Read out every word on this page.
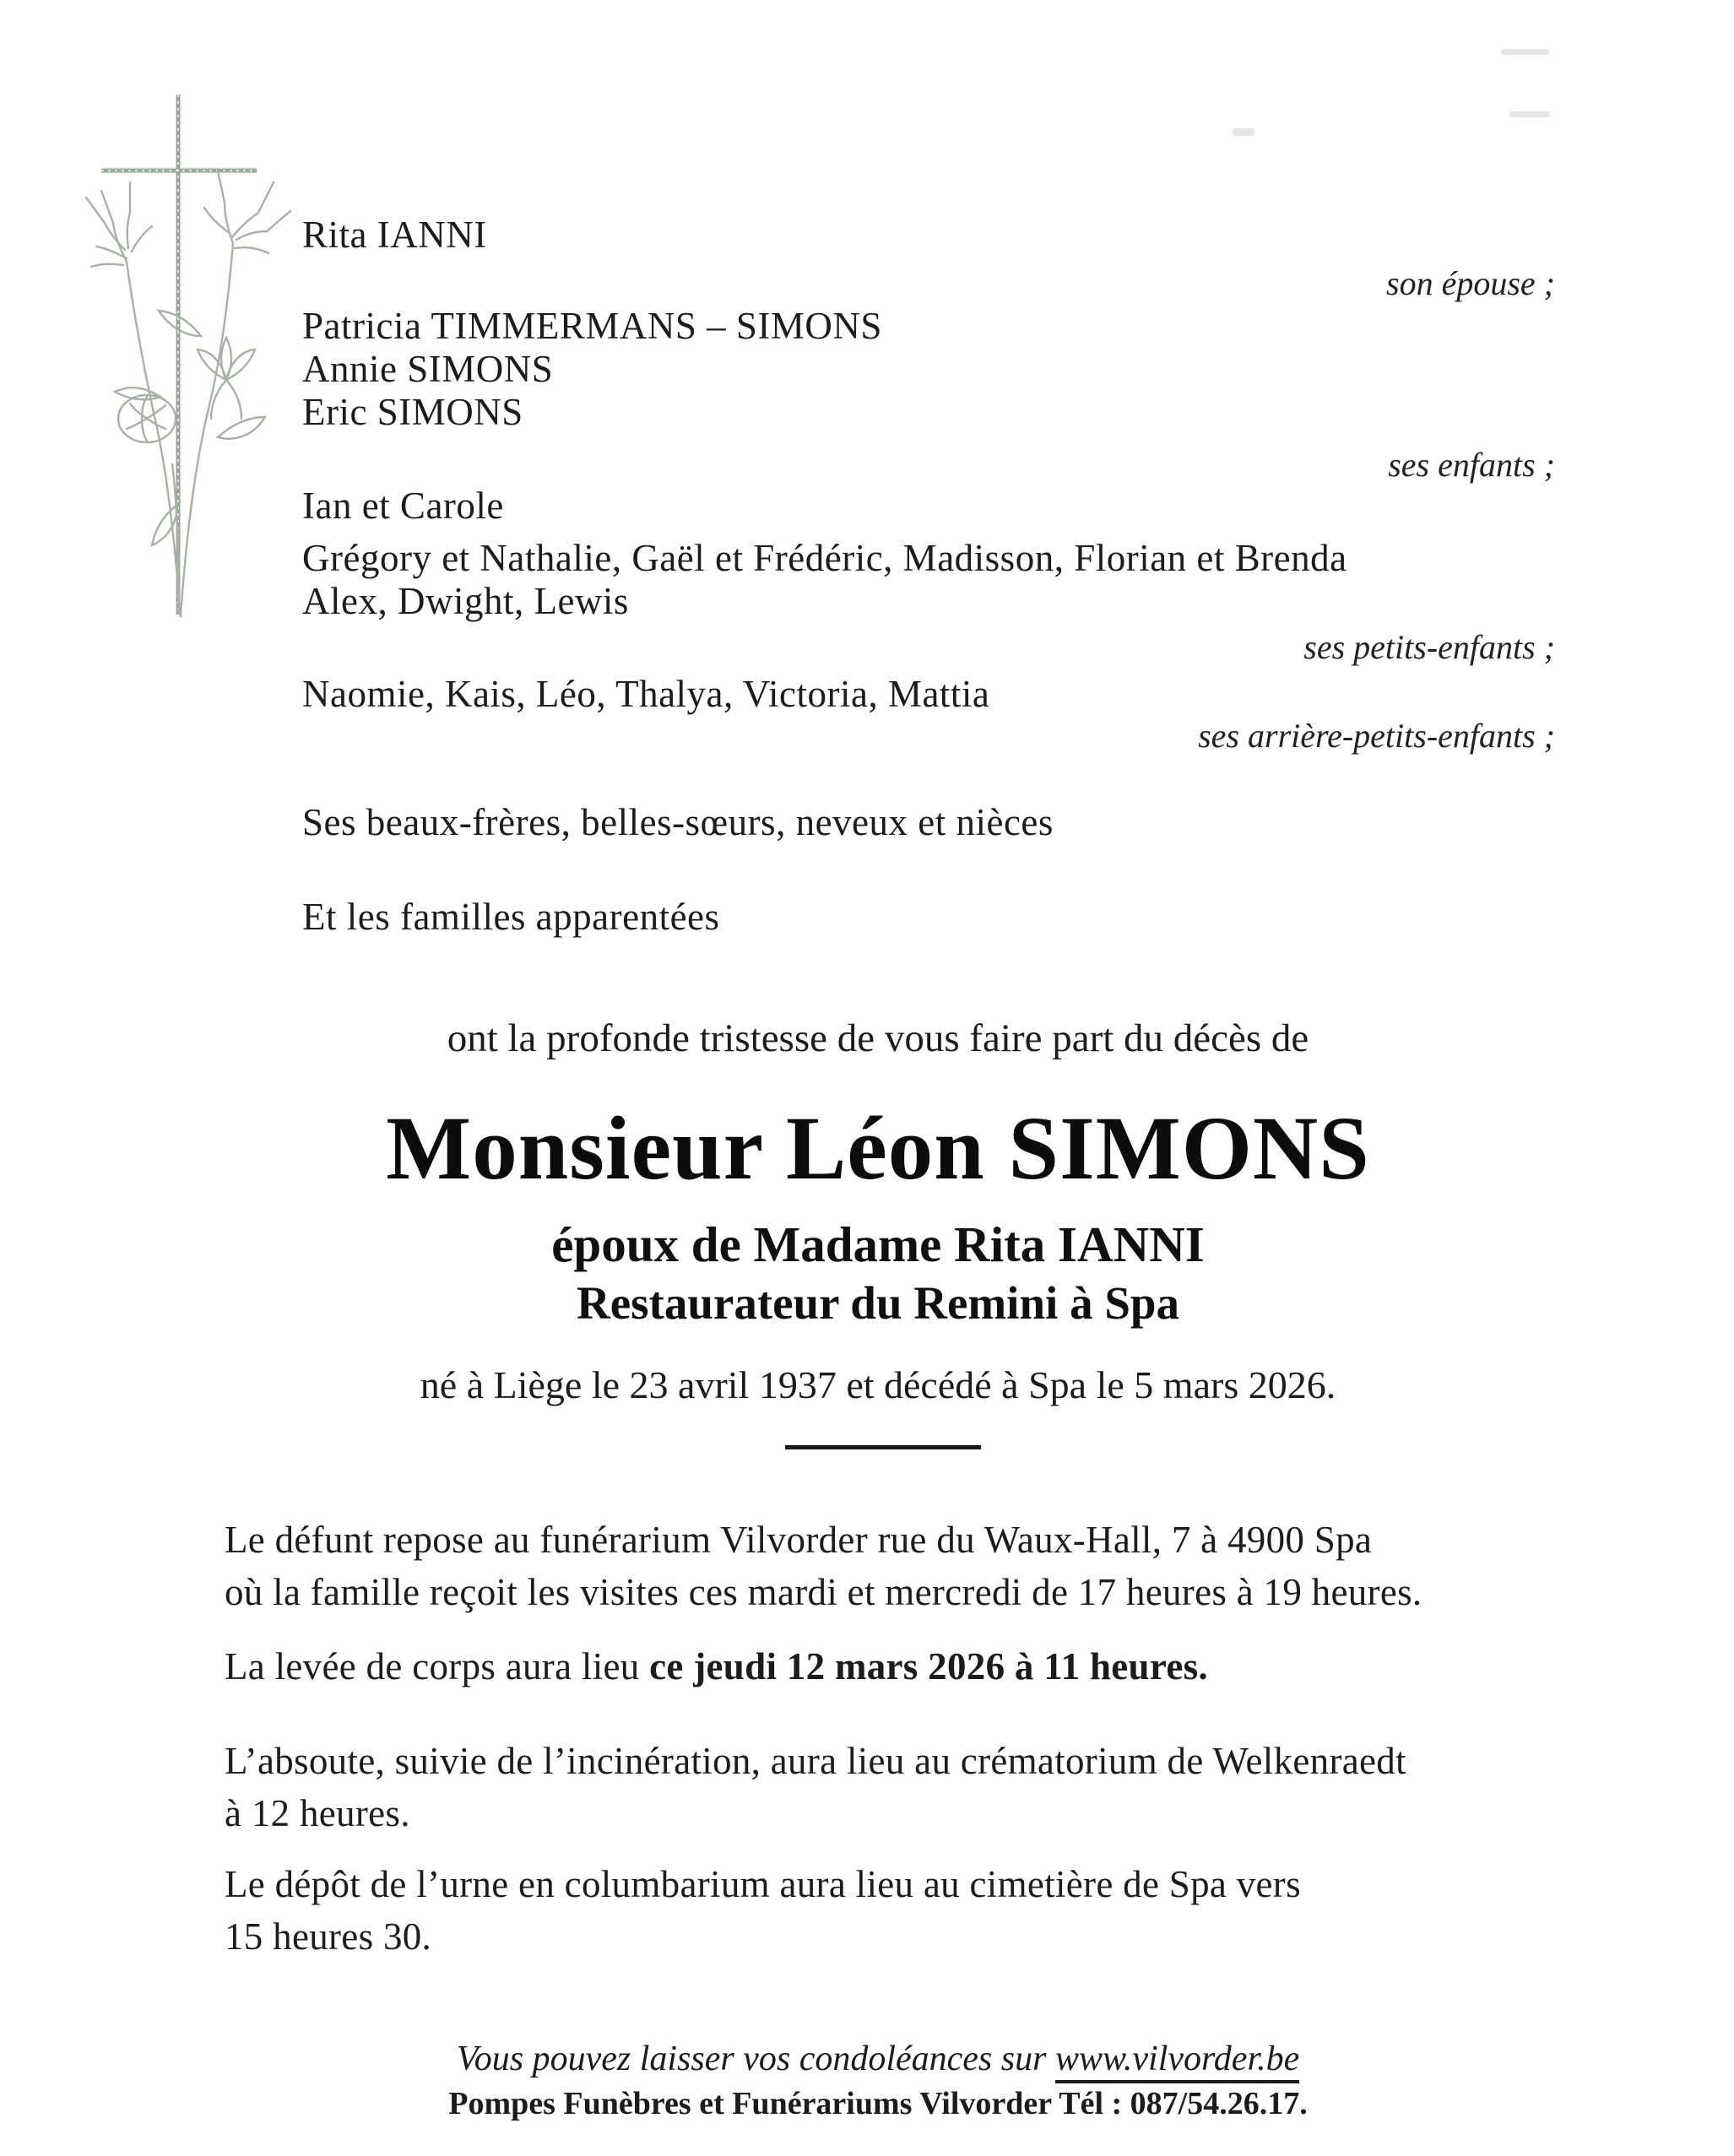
Rita IANNI
son épouse ;
Patricia TIMMERMANS – SIMONS
Annie SIMONS
Eric SIMONS
ses enfants ;
Ian et Carole
Grégory et Nathalie, Gaël et Frédéric, Madisson, Florian et Brenda
Alex, Dwight, Lewis
ses petits-enfants ;
Naomie, Kais, Léo, Thalya, Victoria, Mattia
ses arrière-petits-enfants ;
Ses beaux-frères, belles-sœurs, neveux et nièces
Et les familles apparentées
ont la profonde tristesse de vous faire part du décès de
Monsieur Léon SIMONS
époux de Madame Rita IANNI
Restaurateur du Remini à Spa
né à Liège le 23 avril 1937 et décédé à Spa le 5 mars 2026.
Le défunt repose au funérarium Vilvorder rue du Waux-Hall, 7 à 4900 Spa
où la famille reçoit les visites ces mardi et mercredi de 17 heures à 19 heures.
La levée de corps aura lieu ce jeudi 12 mars 2026 à 11 heures.
L’absoute, suivie de l’incinération, aura lieu au crématorium de Welkenraedt
à 12 heures.
Le dépôt de l’urne en columbarium aura lieu au cimetière de Spa vers
15 heures 30.
Vous pouvez laisser vos condoléances sur www.vilvorder.be
Pompes Funèbres et Funérariums Vilvorder Tél : 087/54.26.17.
